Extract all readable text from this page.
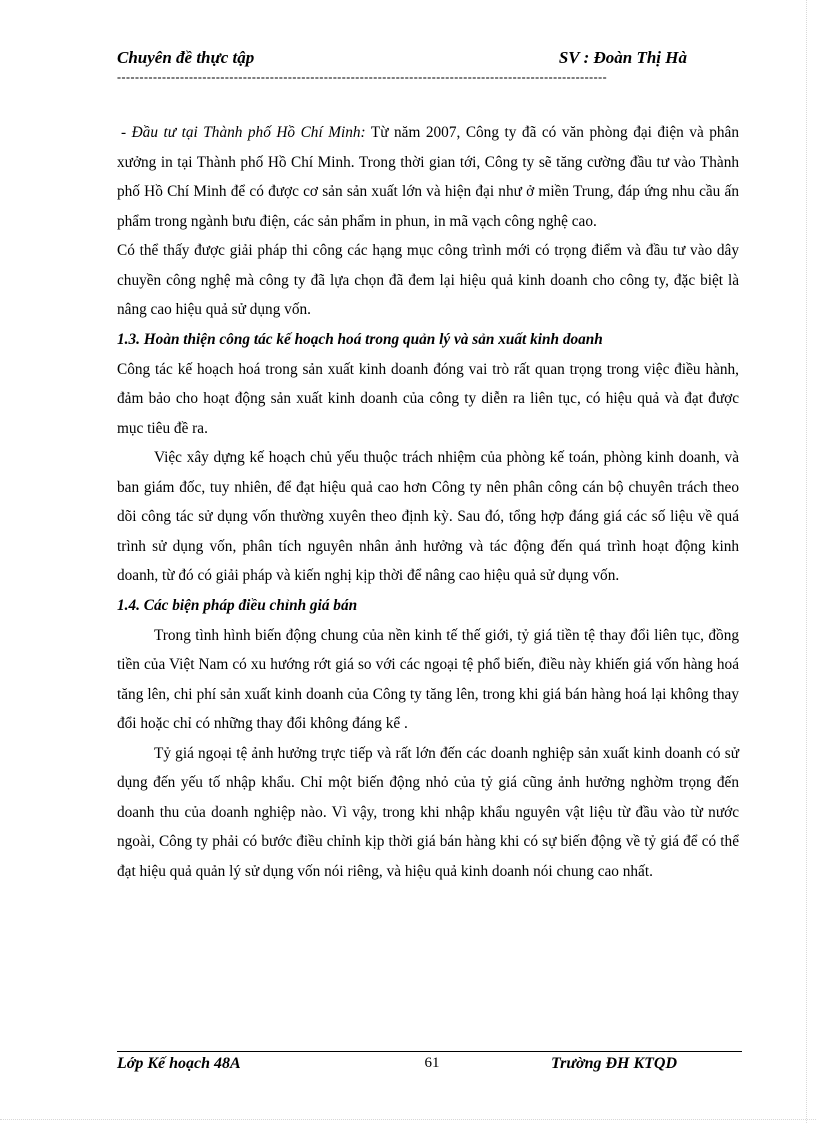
Chuyên đề thực tập	SV : Đoàn Thị Hà
-------------------------------------------------------------------------------------------------------------

- Đầu tư tại Thành phố Hồ Chí Minh: Từ năm 2007, Công ty đã có văn phòng đại điện và phân xưởng in tại Thành phố Hồ Chí Minh. Trong thời gian tới, Công ty sẽ tăng cường đầu tư vào Thành phố Hồ Chí Minh để có được cơ sản sản xuất lớn và hiện đại như ở miền Trung, đáp ứng nhu cầu ấn phẩm trong ngành bưu điện, các sản phẩm in phun, in mã vạch công nghệ cao.

Có thể thấy được giải pháp thi công các hạng mục công trình mới có trọng điểm và đầu tư vào dây chuyền công nghệ mà công ty đã lựa chọn đã đem lại hiệu quả kinh doanh cho công ty, đặc biệt là nâng cao hiệu quả sử dụng vốn.

1.3. Hoàn thiện công tác kế hoạch hoá trong quản lý và sản xuất kinh doanh

Công tác kế hoạch hoá trong sản xuất kinh doanh đóng vai trò rất quan trọng trong việc điều hành, đảm bảo cho hoạt động sản xuất kinh doanh của công ty diễn ra liên tục, có hiệu quả và đạt được mục tiêu đề ra.

Việc xây dựng kế hoạch chủ yếu thuộc trách nhiệm của phòng kế toán, phòng kinh doanh, và ban giám đốc, tuy nhiên, để đạt hiệu quả cao hơn Công ty nên phân công cán bộ chuyên trách theo dõi công tác sử dụng vốn thường xuyên theo định kỳ. Sau đó, tổng hợp đáng giá các số liệu về quá trình sử dụng vốn, phân tích nguyên nhân ảnh hưởng và tác động đến quá trình hoạt động kinh doanh, từ đó có giải pháp và kiến nghị kịp thời để nâng cao hiệu quả sử dụng vốn.

1.4. Các biện pháp điều chỉnh giá bán

Trong tình hình biến động chung của nền kinh tế thế giới, tỷ giá tiền tệ thay đổi liên tục, đồng tiền của Việt Nam có xu hướng rớt giá so với các ngoại tệ phổ biến, điều này khiến giá vốn hàng hoá tăng lên, chi phí sản xuất kinh doanh của Công ty tăng lên, trong khi giá bán hàng hoá lại không thay đổi hoặc chỉ có những thay đổi không đáng kể .

Tỷ giá ngoại tệ ảnh hưởng trực tiếp và rất lớn đến các doanh nghiệp sản xuất kinh doanh có sử dụng đến yếu tố nhập khẩu. Chỉ một biến động nhỏ của tỷ giá cũng ảnh hưởng nghờm trọng đến doanh thu của doanh nghiệp nào. Vì vậy, trong khi nhập khẩu nguyên vật liệu từ đầu vào từ nước ngoài, Công ty phải có bước điều chỉnh kịp thời giá bán hàng khi có sự biến động về tỷ giá để có thể đạt hiệu quả quản lý sử dụng vốn nói riêng, và hiệu quả kinh doanh nói chung cao nhất.

Lớp Kế hoạch 48A	61	Trường ĐH KTQD
